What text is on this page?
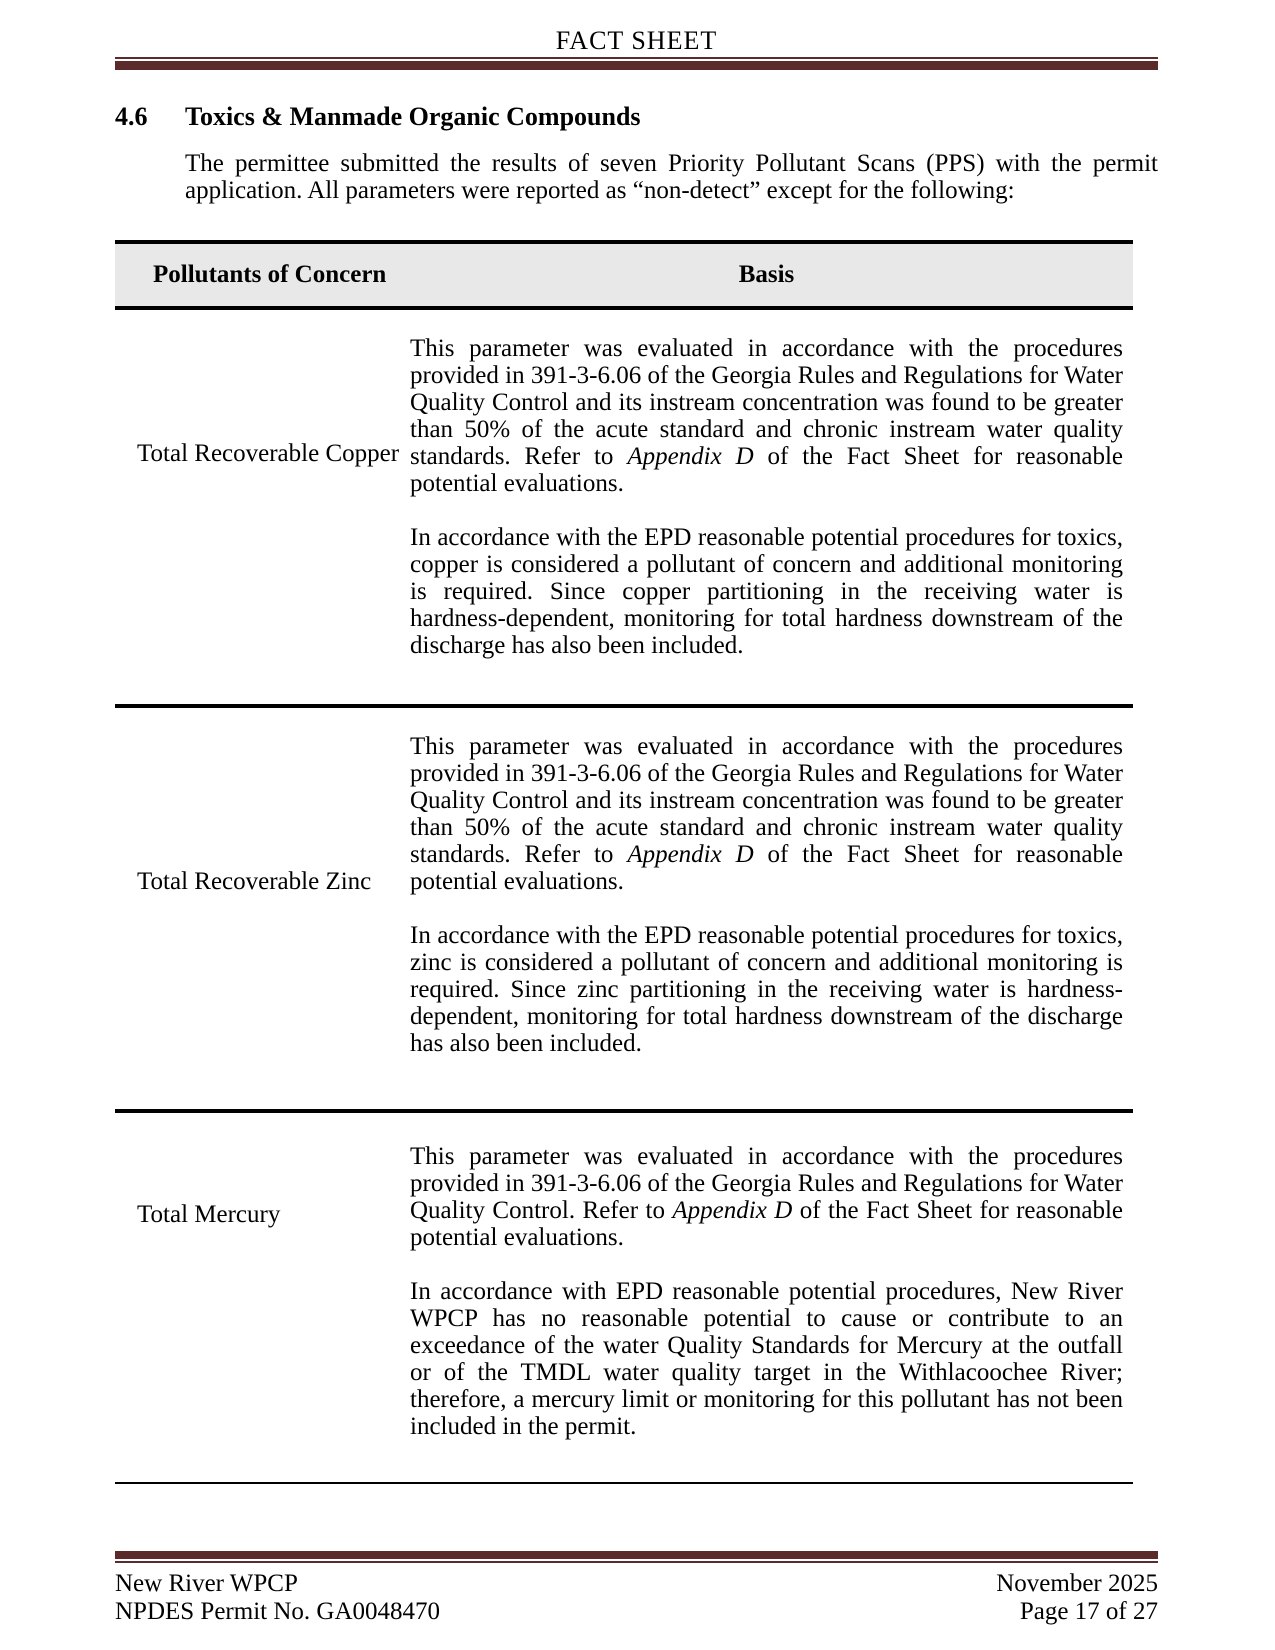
FACT SHEET
4.6	Toxics & Manmade Organic Compounds

The permittee submitted the results of seven Priority Pollutant Scans (PPS) with the permit application. All parameters were reported as “non-detect” except for the following:

Pollutants of Concern	Basis
Total Recoverable Copper

This parameter was evaluated in accordance with the procedures provided in 391-3-6.06 of the Georgia Rules and Regulations for Water Quality Control and its instream concentration was found to be greater than 50% of the acute standard and chronic instream water quality standards. Refer to Appendix D of the Fact Sheet for reasonable potential evaluations.

In accordance with the EPD reasonable potential procedures for toxics, copper is considered a pollutant of concern and additional monitoring is required. Since copper partitioning in the receiving water is hardness-dependent, monitoring for total hardness downstream of the discharge has also been included.

Total Recoverable Zinc

This parameter was evaluated in accordance with the procedures provided in 391-3-6.06 of the Georgia Rules and Regulations for Water Quality Control and its instream concentration was found to be greater than 50% of the acute standard and chronic instream water quality standards. Refer to Appendix D of the Fact Sheet for reasonable potential evaluations.

In accordance with the EPD reasonable potential procedures for toxics, zinc is considered a pollutant of concern and additional monitoring is required. Since zinc partitioning in the receiving water is hardness-dependent, monitoring for total hardness downstream of the discharge has also been included.

Total Mercury

This parameter was evaluated in accordance with the procedures provided in 391-3-6.06 of the Georgia Rules and Regulations for Water Quality Control. Refer to Appendix D of the Fact Sheet for reasonable potential evaluations.

In accordance with EPD reasonable potential procedures, New River WPCP has no reasonable potential to cause or contribute to an exceedance of the water Quality Standards for Mercury at the outfall or of the TMDL water quality target in the Withlacoochee River; therefore, a mercury limit or monitoring for this pollutant has not been included in the permit.

New River WPCP
NPDES Permit No. GA0048470
November 2025
Page 17 of 27
